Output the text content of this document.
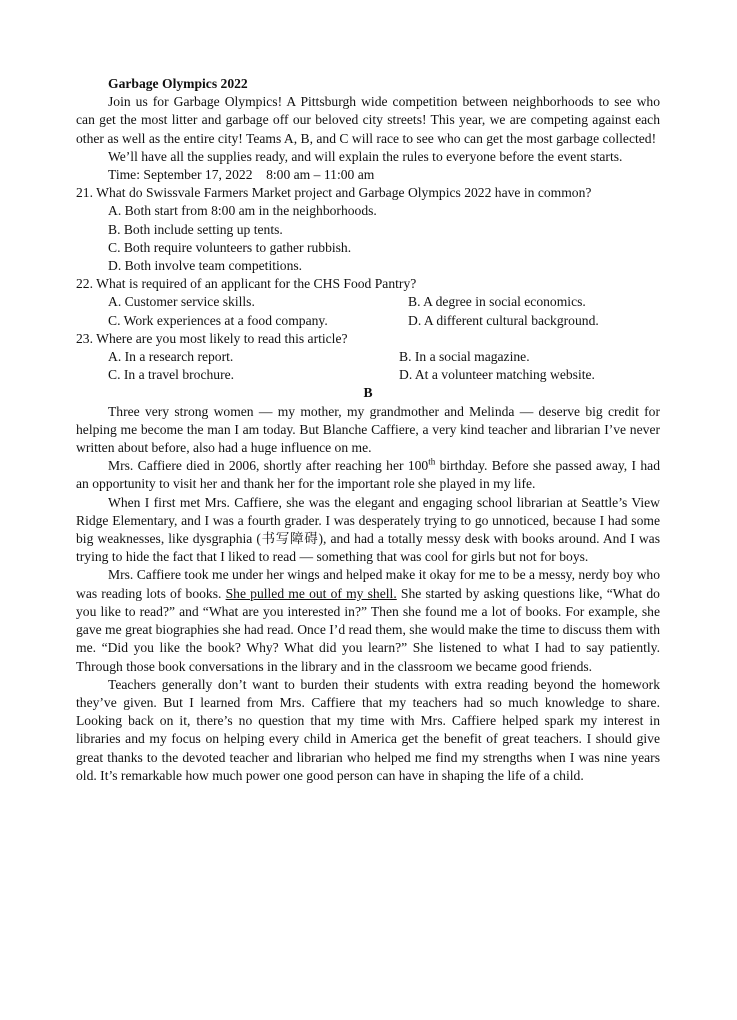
Garbage Olympics 2022

Join us for Garbage Olympics! A Pittsburgh wide competition between neighborhoods to see who can get the most litter and garbage off our beloved city streets! This year, we are competing against each other as well as the entire city! Teams A, B, and C will race to see who can get the most garbage collected!

We’ll have all the supplies ready, and will explain the rules to everyone before the event starts.

Time: September 17, 2022    8:00 am – 11:00 am

21. What do Swissvale Farmers Market project and Garbage Olympics 2022 have in common?

A. Both start from 8:00 am in the neighborhoods.

B. Both include setting up tents.

C. Both require volunteers to gather rubbish.

D. Both involve team competitions.

22. What is required of an applicant for the CHS Food Pantry?

A. Customer service skills.	B. A degree in social economics.
C. Work experiences at a food company.	D. A different cultural background.

23. Where are you most likely to read this article?

A. In a research report.	B. In a social magazine.
C. In a travel brochure.	D. At a volunteer matching website.

B

Three very strong women — my mother, my grandmother and Melinda — deserve big credit for helping me become the man I am today. But Blanche Caffiere, a very kind teacher and librarian I’ve never written about before, also had a huge influence on me.

Mrs. Caffiere died in 2006, shortly after reaching her 100th birthday. Before she passed away, I had an opportunity to visit her and thank her for the important role she played in my life.

When I first met Mrs. Caffiere, she was the elegant and engaging school librarian at Seattle’s View Ridge Elementary, and I was a fourth grader. I was desperately trying to go unnoticed, because I had some big weaknesses, like dysgraphia (书写障碍), and had a totally messy desk with books around. And I was trying to hide the fact that I liked to read — something that was cool for girls but not for boys.

Mrs. Caffiere took me under her wings and helped make it okay for me to be a messy, nerdy boy who was reading lots of books. She pulled me out of my shell. She started by asking questions like, “What do you like to read?” and “What are you interested in?” Then she found me a lot of books. For example, she gave me great biographies she had read. Once I’d read them, she would make the time to discuss them with me. “Did you like the book? Why? What did you learn?” She listened to what I had to say patiently. Through those book conversations in the library and in the classroom we became good friends.

Teachers generally don’t want to burden their students with extra reading beyond the homework they’ve given. But I learned from Mrs. Caffiere that my teachers had so much knowledge to share. Looking back on it, there’s no question that my time with Mrs. Caffiere helped spark my interest in libraries and my focus on helping every child in America get the benefit of great teachers. I should give great thanks to the devoted teacher and librarian who helped me find my strengths when I was nine years old. It’s remarkable how much power one good person can have in shaping the life of a child.
